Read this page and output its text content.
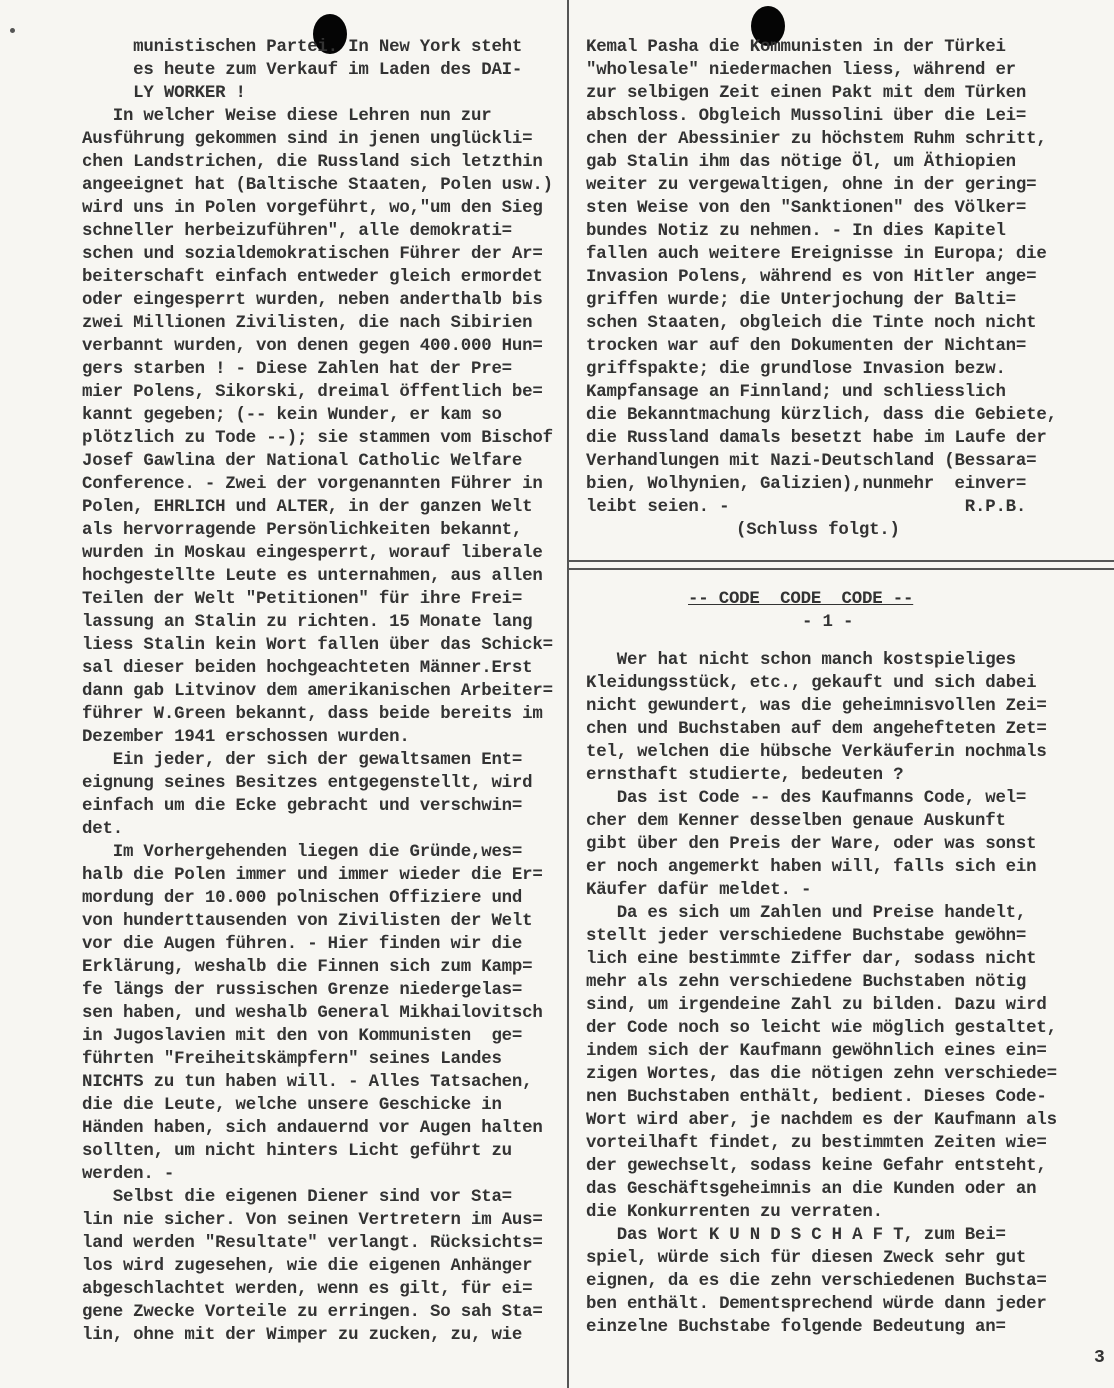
munistischen Partei. In New York steht
es heute zum Verkauf im Laden des DAI-
LY WORKER !
In welcher Weise diese Lehren nun zur
Ausführung gekommen sind in jenen unglückli=
chen Landstrichen, die Russland sich letzthin
angeeignet hat (Baltische Staaten, Polen usw.)
wird uns in Polen vorgeführt, wo,"um den Sieg
schneller herbeizuführen", alle demokrati=
schen und sozialdemokratischen Führer der Ar=
beiterschaft einfach entweder gleich ermordet
oder eingesperrt wurden, neben anderthalb bis
zwei Millionen Zivilisten, die nach Sibirien
verbannt wurden, von denen gegen 400.000 Hun=
gers starben ! - Diese Zahlen hat der Pre=
mier Polens, Sikorski, dreimal öffentlich be=
kannt gegeben; (-- kein Wunder, er kam so
plötzlich zu Tode --); sie stammen vom Bischof
Josef Gawlina der National Catholic Welfare
Conference. - Zwei der vorgenannten Führer in
Polen, EHRLICH und ALTER, in der ganzen Welt
als hervorragende Persönlichkeiten bekannt,
wurden in Moskau eingesperrt, worauf liberale
hochgestellte Leute es unternahmen, aus allen
Teilen der Welt "Petitionen" für ihre Frei=
lassung an Stalin zu richten. 15 Monate lang
liess Stalin kein Wort fallen über das Schick=
sal dieser beiden hochgeachteten Männer.Erst
dann gab Litvinov dem amerikanischen Arbeiter=
führer W.Green bekannt, dass beide bereits im
Dezember 1941 erschossen wurden.
Ein jeder, der sich der gewaltsamen Ent=
eignung seines Besitzes entgegenstellt, wird
einfach um die Ecke gebracht und verschwin=
det.
Im Vorhergehenden liegen die Gründe,wes=
halb die Polen immer und immer wieder die Er=
mordung der 10.000 polnischen Offiziere und
von hunderttausenden von Zivilisten der Welt
vor die Augen führen. - Hier finden wir die
Erklärung, weshalb die Finnen sich zum Kamp=
fe längs der russischen Grenze niedergelas=
sen haben, und weshalb General Mikhailovitsch
in Jugoslavien mit den von Kommunisten  ge=
führten "Freiheitskämpfern" seines Landes
NICHTS zu tun haben will. - Alles Tatsachen,
die die Leute, welche unsere Geschicke in
Händen haben, sich andauernd vor Augen halten
sollten, um nicht hinters Licht geführt zu
werden. -
Selbst die eigenen Diener sind vor Sta=
lin nie sicher. Von seinen Vertretern im Aus=
land werden "Resultate" verlangt. Rücksichts=
los wird zugesehen, wie die eigenen Anhänger
abgeschlachtet werden, wenn es gilt, für ei=
gene Zwecke Vorteile zu erringen. So sah Sta=
lin, ohne mit der Wimper zu zucken, zu, wie
Kemal Pasha die Kommunisten in der Türkei
"wholesale" niedermachen liess, während er
zur selbigen Zeit einen Pakt mit dem Türken
abschloss. Obgleich Mussolini über die Lei=
chen der Abessinier zu höchstem Ruhm schritt,
gab Stalin ihm das nötige Öl, um Äthiopien
weiter zu vergewaltigen, ohne in der gering=
sten Weise von den "Sanktionen" des Völker=
bundes Notiz zu nehmen. - In dies Kapitel
fallen auch weitere Ereignisse in Europa; die
Invasion Polens, während es von Hitler ange=
griffen wurde; die Unterjochung der Balti=
schen Staaten, obgleich die Tinte noch nicht
trocken war auf den Dokumenten der Nichtan=
griffspakte; die grundlose Invasion bezw.
Kampfansage an Finnland; und schliesslich
die Bekanntmachung kürzlich, dass die Gebiete,
die Russland damals besetzt habe im Laufe der
Verhandlungen mit Nazi-Deutschland (Bessara=
bien, Wolhynien, Galizien),nunmehr  einver=
leibt seien. -                       R.P.B.
(Schluss folgt.)
-- CODE  CODE  CODE --
- 1 -
Wer hat nicht schon manch kostspieliges
Kleidungsstück, etc., gekauft und sich dabei
nicht gewundert, was die geheimnisvollen Zei=
chen und Buchstaben auf dem angehefteten Zet=
tel, welchen die hübsche Verkäuferin nochmals
ernsthaft studierte, bedeuten ?
Das ist Code -- des Kaufmanns Code, wel=
cher dem Kenner desselben genaue Auskunft
gibt über den Preis der Ware, oder was sonst
er noch angemerkt haben will, falls sich ein
Käufer dafür meldet. -
Da es sich um Zahlen und Preise handelt,
stellt jeder verschiedene Buchstabe gewöhn=
lich eine bestimmte Ziffer dar, sodass nicht
mehr als zehn verschiedene Buchstaben nötig
sind, um irgendeine Zahl zu bilden. Dazu wird
der Code noch so leicht wie möglich gestaltet,
indem sich der Kaufmann gewöhnlich eines ein=
zigen Wortes, das die nötigen zehn verschiede=
nen Buchstaben enthält, bedient. Dieses Code-
Wort wird aber, je nachdem es der Kaufmann als
vorteilhaft findet, zu bestimmten Zeiten wie=
der gewechselt, sodass keine Gefahr entsteht,
das Geschäftsgeheimnis an die Kunden oder an
die Konkurrenten zu verraten.
Das Wort K U N D S C H A F T, zum Bei=
spiel, würde sich für diesen Zweck sehr gut
eignen, da es die zehn verschiedenen Buchsta=
ben enthält. Dementsprechend würde dann jeder
einzelne Buchstabe folgende Bedeutung an=
3
